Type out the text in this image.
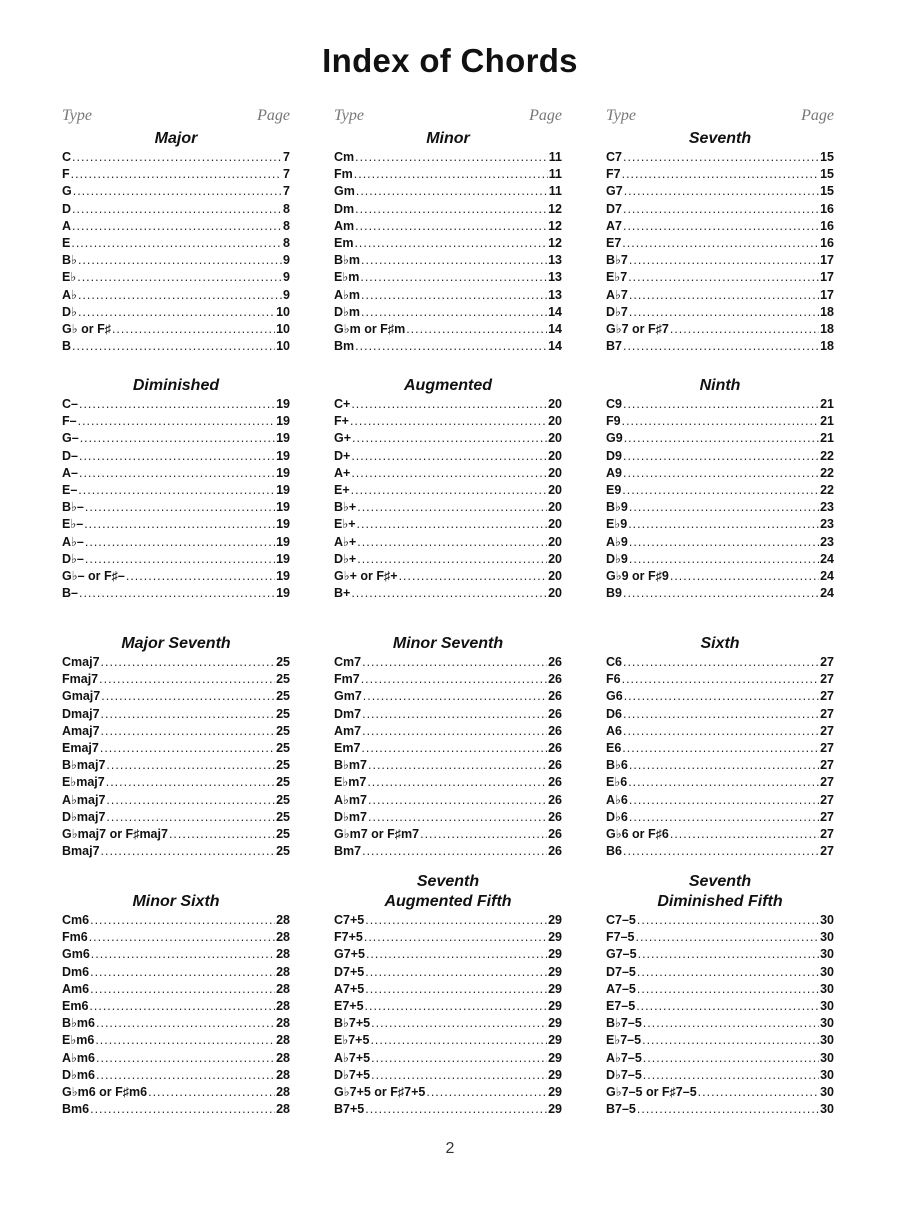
Index of Chords
Type	Page	Type	Page	Type	Page
Major
C .....	7
F .....	7
G .....	7
D .....	8
A .....	8
E .....	8
B♭ .....	9
E♭ .....	9
A♭ .....	9
D♭ .....	10
G♭ or F♯ .....	10
B .....	10
Minor
Cm .....	11
Fm .....	11
Gm .....	11
Dm .....	12
Am .....	12
Em .....	12
B♭m .....	13
E♭m .....	13
A♭m .....	13
D♭m .....	14
G♭m or F♯m .....	14
Bm .....	14
Seventh
C7 .....	15
F7 .....	15
G7 .....	15
D7 .....	16
A7 .....	16
E7 .....	16
B♭7 .....	17
E♭7 .....	17
A♭7 .....	17
D♭7 .....	18
G♭7 or F♯7 .....	18
B7 .....	18
Diminished
C– .....	19
F– .....	19
G– .....	19
D– .....	19
A– .....	19
E– .....	19
B♭– .....	19
E♭– .....	19
A♭– .....	19
D♭– .....	19
G♭– or F♯– .....	19
B– .....	19
Augmented
C+ .....	20
F+ .....	20
G+ .....	20
D+ .....	20
A+ .....	20
E+ .....	20
B♭+ .....	20
E♭+ .....	20
A♭+ .....	20
D♭+ .....	20
G♭+ or F♯+ .....	20
B+ .....	20
Ninth
C9 .....	21
F9 .....	21
G9 .....	21
D9 .....	22
A9 .....	22
E9 .....	22
B♭9 .....	23
E♭9 .....	23
A♭9 .....	23
D♭9 .....	24
G♭9 or F♯9 .....	24
B9 .....	24
Major Seventh
Cmaj7 .....	25
Fmaj7 .....	25
Gmaj7 .....	25
Dmaj7 .....	25
Amaj7 .....	25
Emaj7 .....	25
B♭maj7 .....	25
E♭maj7 .....	25
A♭maj7 .....	25
D♭maj7 .....	25
G♭maj7 or F♯maj7 .....	25
Bmaj7 .....	25
Minor Seventh
Cm7 .....	26
Fm7 .....	26
Gm7 .....	26
Dm7 .....	26
Am7 .....	26
Em7 .....	26
B♭m7 .....	26
E♭m7 .....	26
A♭m7 .....	26
D♭m7 .....	26
G♭m7 or F♯m7 .....	26
Bm7 .....	26
Sixth
C6 .....	27
F6 .....	27
G6 .....	27
D6 .....	27
A6 .....	27
E6 .....	27
B♭6 .....	27
E♭6 .....	27
A♭6 .....	27
D♭6 .....	27
G♭6 or F♯6 .....	27
B6 .....	27
Minor Sixth
Cm6 .....	28
Fm6 .....	28
Gm6 .....	28
Dm6 .....	28
Am6 .....	28
Em6 .....	28
B♭m6 .....	28
E♭m6 .....	28
A♭m6 .....	28
D♭m6 .....	28
G♭m6 or F♯m6 .....	28
Bm6 .....	28
Seventh
Augmented Fifth
C7+5 .....	29
F7+5 .....	29
G7+5 .....	29
D7+5 .....	29
A7+5 .....	29
E7+5 .....	29
B♭7+5 .....	29
E♭7+5 .....	29
A♭7+5 .....	29
D♭7+5 .....	29
G♭7+5 or F♯7+5 .....	29
B7+5 .....	29
Seventh
Diminished Fifth
C7–5 .....	30
F7–5 .....	30
G7–5 .....	30
D7–5 .....	30
A7–5 .....	30
E7–5 .....	30
B♭7–5 .....	30
E♭7–5 .....	30
A♭7–5 .....	30
D♭7–5 .....	30
G♭7–5 or F♯7–5 .....	30
B7–5 .....	30
2
